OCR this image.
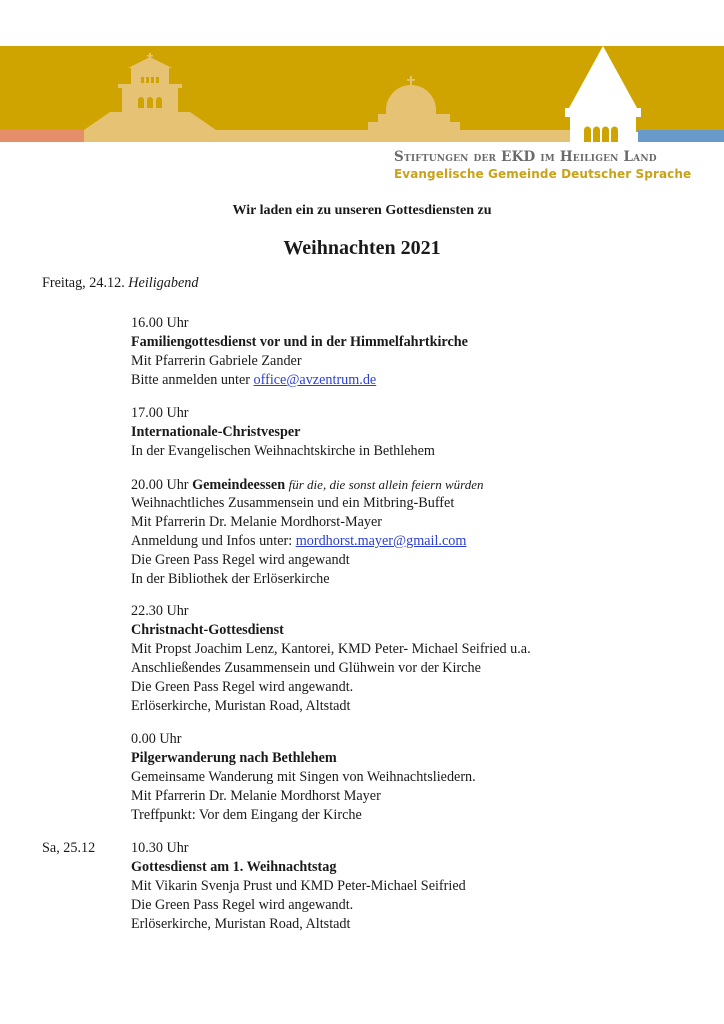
Stiftungen der EKD im Heiligen Land
Evangelische Gemeinde Deutscher Sprache
Wir laden ein zu unseren Gottesdiensten zu
Weihnachten 2021
Freitag, 24.12. Heiligabend
16.00 Uhr
Familiengottesdienst vor und in der Himmelfahrtkirche
Mit Pfarrerin Gabriele Zander
Bitte anmelden unter office@avzentrum.de
17.00 Uhr
Internationale-Christvesper
In der Evangelischen Weihnachtskirche in Bethlehem
20.00 Uhr Gemeindeessen für die, die sonst allein feiern würden
Weihnachtliches Zusammensein und ein Mitbring-Buffet
Mit Pfarrerin Dr. Melanie Mordhorst-Mayer
Anmeldung und Infos unter: mordhorst.mayer@gmail.com
Die Green Pass Regel wird angewandt
In der Bibliothek der Erlöserkirche
22.30 Uhr
Christnacht-Gottesdienst
Mit Propst Joachim Lenz, Kantorei, KMD Peter- Michael Seifried u.a.
Anschließendes Zusammensein und Glühwein vor der Kirche
Die Green Pass Regel wird angewandt.
Erlöserkirche, Muristan Road, Altstadt
0.00 Uhr
Pilgerwanderung nach Bethlehem
Gemeinsame Wanderung mit Singen von Weihnachtsliedern.
Mit Pfarrerin Dr. Melanie Mordhorst Mayer
Treffpunkt: Vor dem Eingang der Kirche
Sa, 25.12	10.30 Uhr
Gottesdienst am 1. Weihnachtstag
Mit Vikarin Svenja Prust und KMD Peter-Michael Seifried
Die Green Pass Regel wird angewandt.
Erlöserkirche, Muristan Road, Altstadt
